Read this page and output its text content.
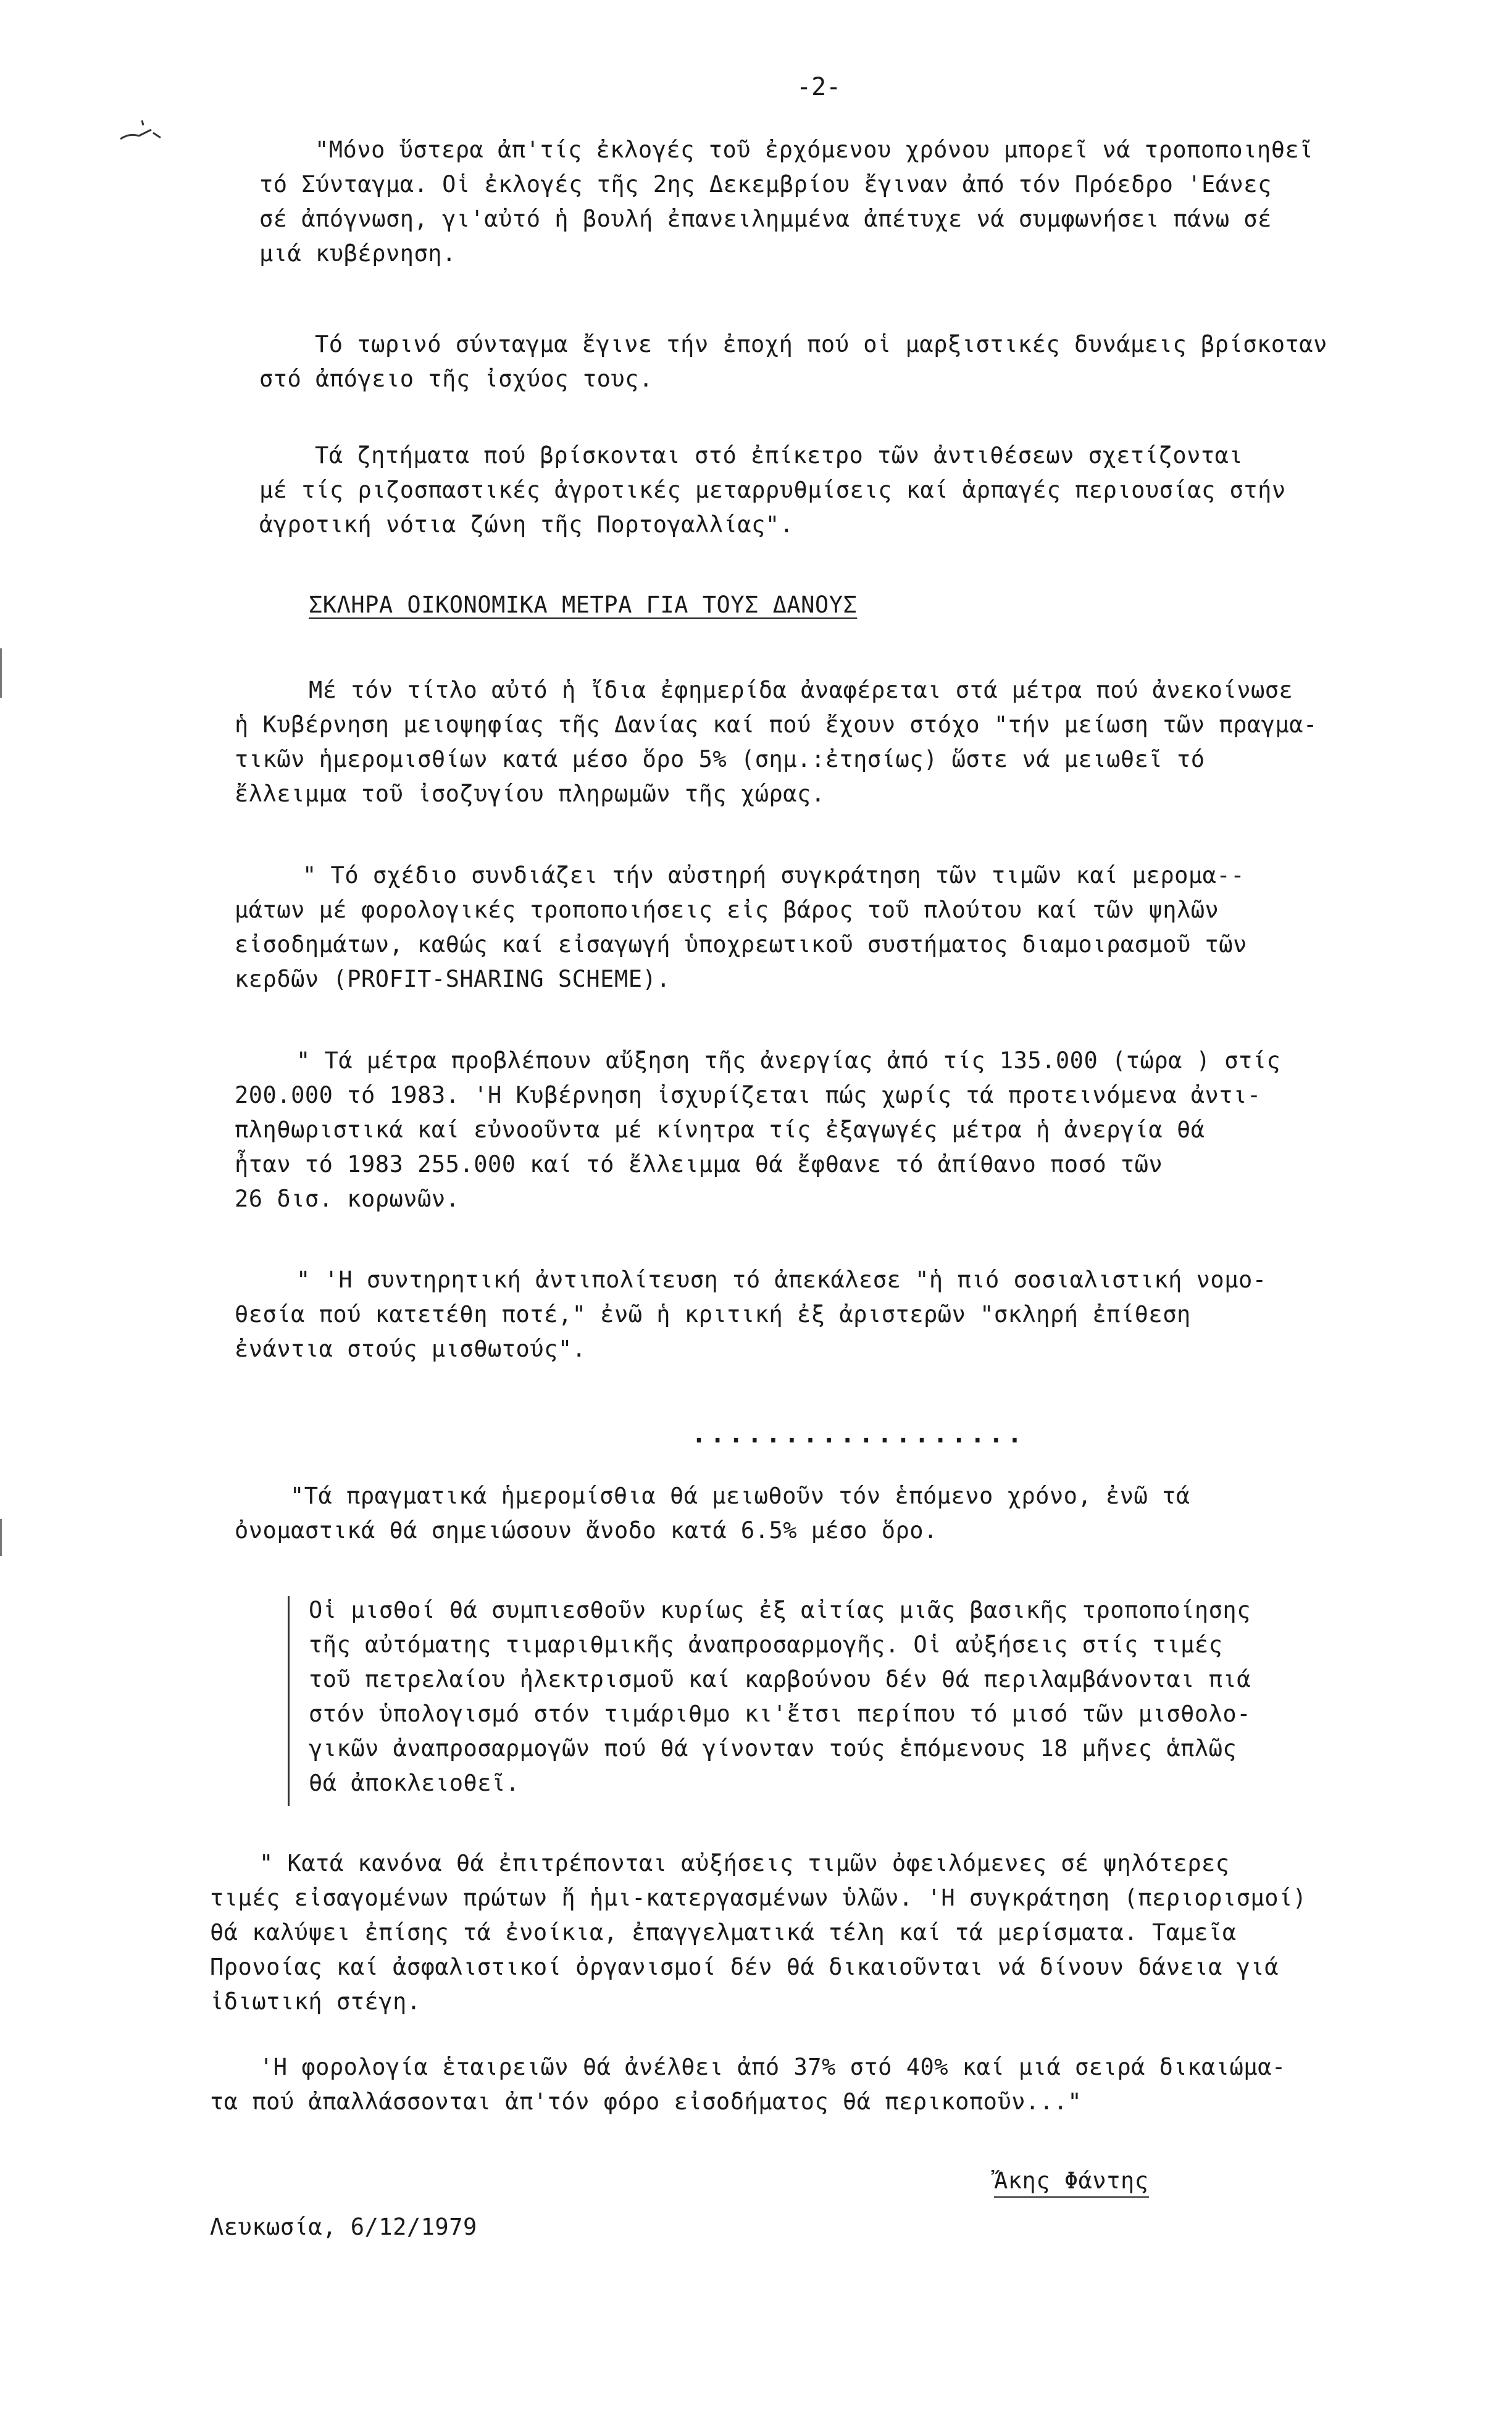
-2-
"Μόνο ὕστερα ἀπ'τίς ἐκλογές τοῦ ἐρχόμενου χρόνου μπορεῖ νά τροποποιηθεῖ
τό Σύνταγμα. Οἱ ἐκλογές τῆς 2ης Δεκεμβρίου ἔγιναν ἀπό τόν Πρόεδρο 'Εάνες
σέ ἀπόγνωση, γι'αὐτό ἡ βουλή ἐπανειλημμένα ἀπέτυχε νά συμφωνήσει πάνω σέ
μιά κυβέρνηση.
Τό τωρινό σύνταγμα ἔγινε τήν ἐποχή πού οἱ μαρξιστικές δυνάμεις βρίσκοταν
στό ἀπόγειο τῆς ἰσχύος τους.
Τά ζητήματα πού βρίσκονται στό ἐπίκετρο τῶν ἀντιθέσεων σχετίζονται
μέ τίς ριζοσπαστικές ἀγροτικές μεταρρυθμίσεις καί ἁρπαγές περιουσίας στήν
ἀγροτική νότια ζώνη τῆς Πορτογαλλίας".
ΣΚΛΗΡΑ ΟΙΚΟΝΟΜΙΚΑ ΜΕΤΡΑ ΓΙΑ ΤΟΥΣ ΔΑΝΟΥΣ
Μέ τόν τίτλο αὐτό ἡ ἴδια ἐφημερίδα ἀναφέρεται στά μέτρα πού ἀνεκοίνωσε
ἡ Κυβέρνηση μειοψηφίας τῆς Δανίας καί πού ἔχουν στόχο "τήν μείωση τῶν πραγμα-
τικῶν ἡμερομισθίων κατά μέσο ὅρο 5% (σημ.:ἐτησίως) ὥστε νά μειωθεῖ τό
ἔλλειμμα τοῦ ἰσοζυγίου πληρωμῶν τῆς χώρας.
" Τό σχέδιο συνδιάζει τήν αὐστηρή συγκράτηση τῶν τιμῶν καί μερομα--
μάτων μέ φορολογικές τροποποιήσεις εἰς βάρος τοῦ πλούτου καί τῶν ψηλῶν
εἰσοδημάτων, καθώς καί εἰσαγωγή ὑποχρεωτικοῦ συστήματος διαμοιρασμοῦ τῶν
κερδῶν (PROFIT-SHARING SCHEME).
" Τά μέτρα προβλέπουν αὔξηση τῆς ἀνεργίας ἀπό τίς 135.000 (τώρα ) στίς
200.000 τό 1983. 'Η Κυβέρνηση ἰσχυρίζεται πώς χωρίς τά προτεινόμενα ἀντι-
πληθωριστικά καί εὐνοοῦντα μέ κίνητρα τίς ἐξαγωγές μέτρα ἡ ἀνεργία θά
ἦταν τό 1983 255.000 καί τό ἔλλειμμα θά ἔφθανε τό ἀπίθανο ποσό τῶν
26 δισ. κορωνῶν.
" 'Η συντηρητική ἀντιπολίτευση τό ἀπεκάλεσε "ἡ πιό σοσιαλιστική νομο-
θεσία πού κατετέθη ποτέ," ἐνῶ ἡ κριτική ἐξ ἀριστερῶν "σκληρή ἐπίθεση
ἐνάντια στούς μισθωτούς".
..................
"Τά πραγματικά ἡμερομίσθια θά μειωθοῦν τόν ἑπόμενο χρόνο, ἐνῶ τά
ὀνομαστικά θά σημειώσουν ἄνοδο κατά 6.5% μέσο ὅρο.
Οἱ μισθοί θά συμπιεσθοῦν κυρίως ἐξ αἰτίας μιᾶς βασικῆς τροποποίησης
τῆς αὐτόματης τιμαριθμικῆς ἀναπροσαρμογῆς. Οἱ αὐξήσεις στίς τιμές
τοῦ πετρελαίου ἠλεκτρισμοῦ καί καρβούνου δέν θά περιλαμβάνονται πιά
στόν ὑπολογισμό στόν τιμάριθμο κι'ἔτσι περίπου τό μισό τῶν μισθολο-
γικῶν ἀναπροσαρμογῶν πού θά γίνονταν τούς ἑπόμενους 18 μῆνες ἁπλῶς
θά ἀποκλειοθεῖ.
" Κατά κανόνα θά ἐπιτρέπονται αὐξήσεις τιμῶν ὀφειλόμενες σέ ψηλότερες
τιμές εἰσαγομένων πρώτων ἤ ἡμι-κατεργασμένων ὑλῶν. 'Η συγκράτηση (περιορισμοί)
θά καλύψει ἐπίσης τά ἐνοίκια, ἐπαγγελματικά τέλη καί τά μερίσματα. Ταμεῖα
Προνοίας καί ἀσφαλιστικοί ὀργανισμοί δέν θά δικαιοῦνται νά δίνουν δάνεια γιά
ἰδιωτική στέγη.
'Η φορολογία ἑταιρειῶν θά ἀνέλθει ἀπό 37% στό 40% καί μιά σειρά δικαιώμα-
τα πού ἀπαλλάσσονται ἀπ'τόν φόρο εἰσοδήματος θά περικοποῦν..."
Ἄκης Φάντης
Λευκωσία, 6/12/1979
